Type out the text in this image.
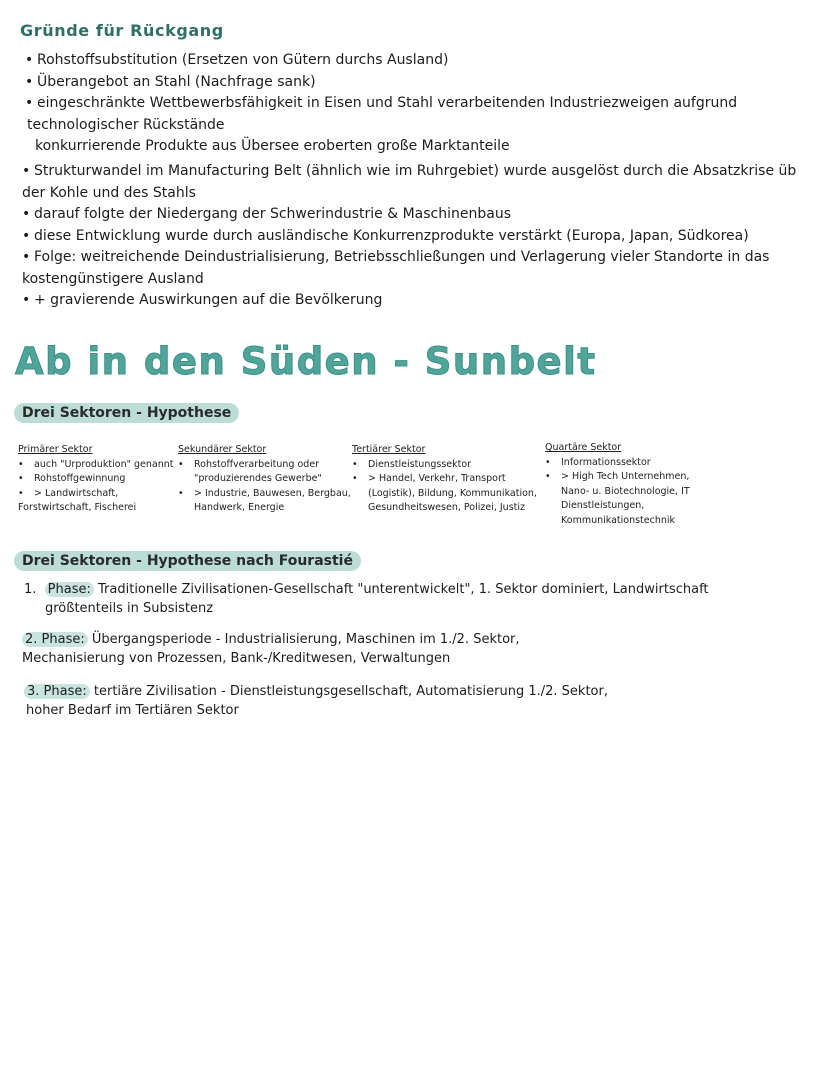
Gründe für Rückgang
• Rohstoffsubstitution (Ersetzen von Gütern durchs Ausland)
• Überangebot an Stahl (Nachfrage sank)
• eingeschränkte Wettbewerbsfähigkeit in Eisen und Stahl verarbeitenden Industriezweigen aufgrund
technologischer Rückstände
konkurrierende Produkte aus Übersee eroberten große Marktanteile
• Strukturwandel im Manufacturing Belt (ähnlich wie im Ruhrgebiet) wurde ausgelöst durch die Absatzkrise üb
der Kohle und des Stahls
• darauf folgte der Niedergang der Schwerindustrie & Maschinenbaus
• diese Entwicklung wurde durch ausländische Konkurrenzprodukte verstärkt (Europa, Japan, Südkorea)
• Folge: weitreichende Deindustrialisierung, Betriebsschließungen und Verlagerung vieler Standorte in das
kostengünstigere Ausland
• + gravierende Auswirkungen auf die Bevölkerung
Ab in den Süden - Sunbelt
Drei Sektoren - Hypothese
Primärer Sektor
• auch "Urproduktion" genannt
• Rohstoffgewinnung
• > Landwirtschaft,
Forstwirtschaft, Fischerei
Sekundärer Sektor
• Rohstoffverarbeitung oder
"produzierendes Gewerbe"
• > Industrie, Bauwesen, Bergbau,
Handwerk, Energie
Tertiärer Sektor
• Dienstleistungssektor
• > Handel, Verkehr, Transport
(Logistik), Bildung, Kommunikation,
Gesundheitswesen, Polizei, Justiz
Quartäre Sektor
• Informationssektor
• > High Tech Unternehmen,
Nano- u. Biotechnologie, IT
Dienstleistungen,
Kommunikationstechnik
Drei Sektoren - Hypothese nach Fourastié
1. Phase: Traditionelle Zivilisationen-Gesellschaft "unterentwickelt", 1. Sektor dominiert, Landwirtschaft
größtenteils in Subsistenz
2. Phase: Übergangsperiode - Industrialisierung, Maschinen im 1./2. Sektor,
Mechanisierung von Prozessen, Bank-/Kreditwesen, Verwaltungen
3. Phase: tertiäre Zivilisation - Dienstleistungsgesellschaft, Automatisierung 1./2. Sektor,
hoher Bedarf im Tertiären Sektor
